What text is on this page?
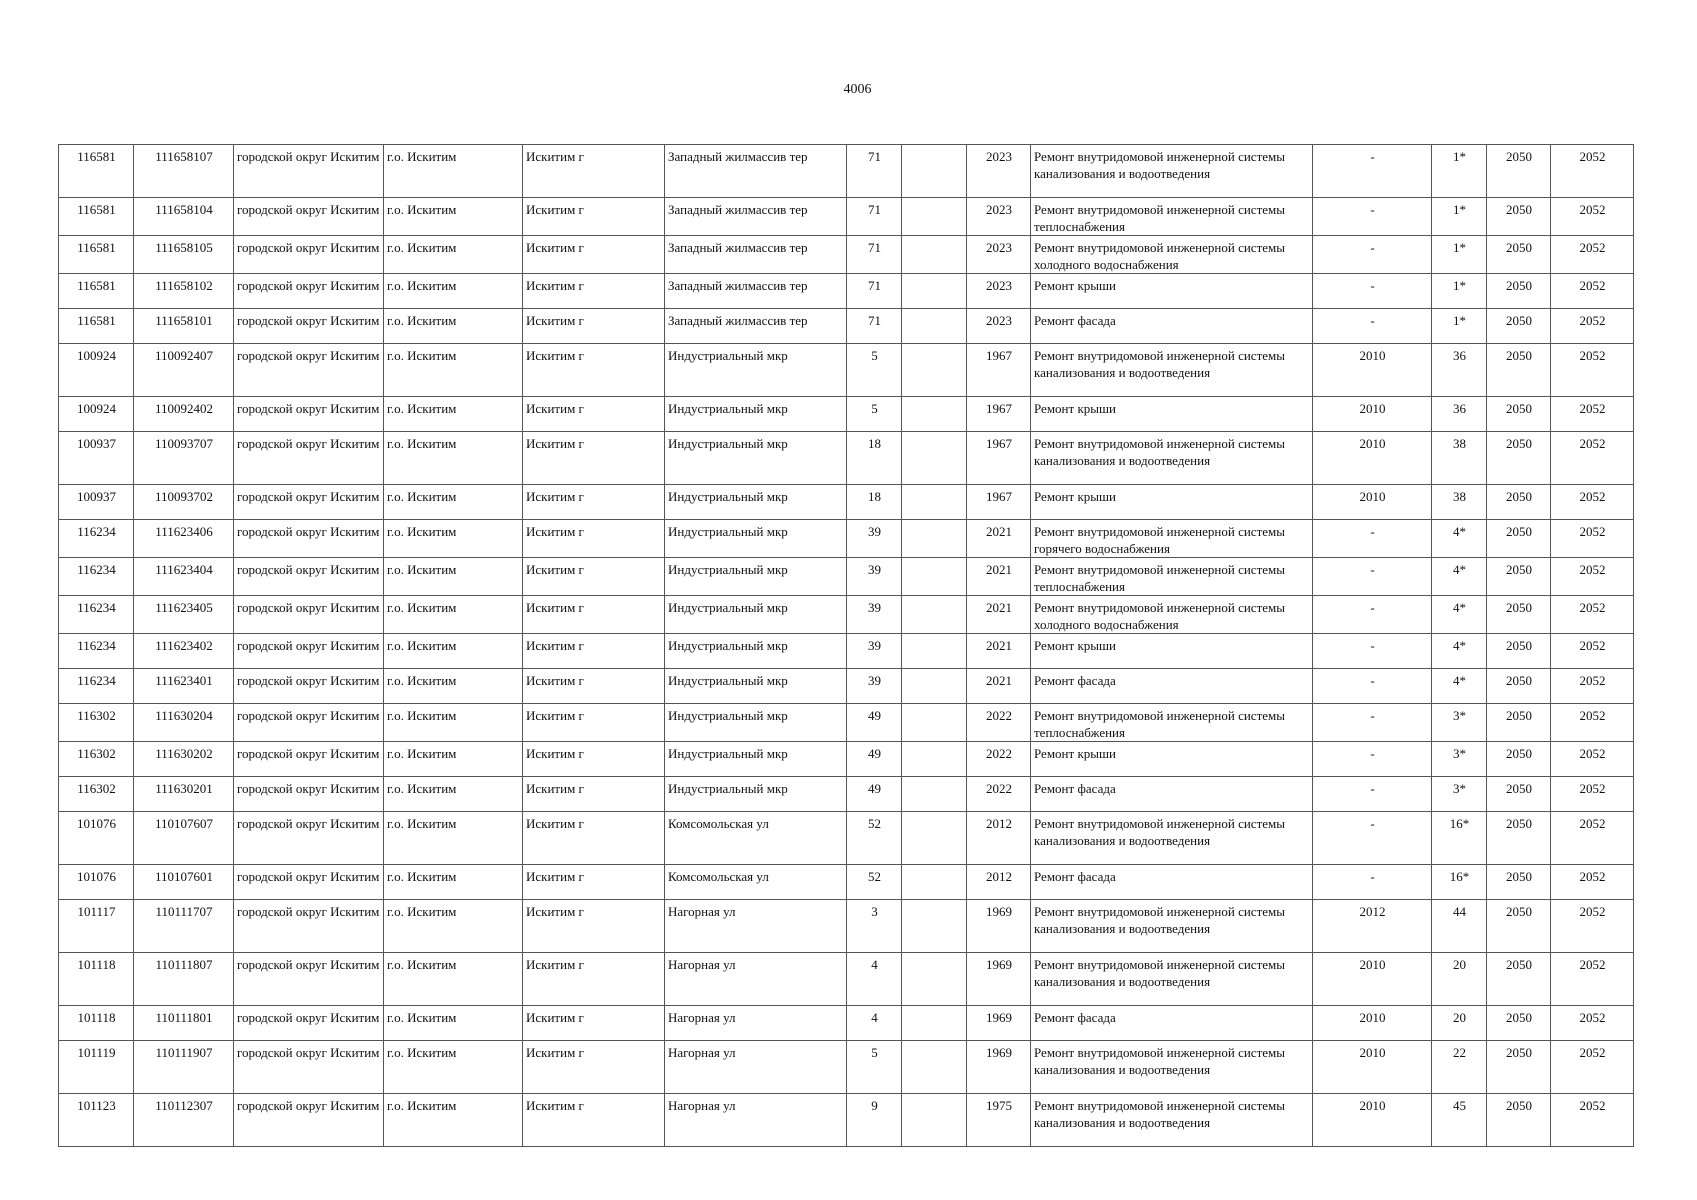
4006
116581	111658107	городской округ Искитим	г.о. Искитим	Искитим г	Западный жилмассив тер	71		2023	Ремонт внутридомовой инженерной системы канализования и водоотведения	-	1*	2050	2052
116581	111658104	городской округ Искитим	г.о. Искитим	Искитим г	Западный жилмассив тер	71		2023	Ремонт внутридомовой инженерной системы теплоснабжения	-	1*	2050	2052
116581	111658105	городской округ Искитим	г.о. Искитим	Искитим г	Западный жилмассив тер	71		2023	Ремонт внутридомовой инженерной системы холодного водоснабжения	-	1*	2050	2052
116581	111658102	городской округ Искитим	г.о. Искитим	Искитим г	Западный жилмассив тер	71		2023	Ремонт крыши	-	1*	2050	2052
116581	111658101	городской округ Искитим	г.о. Искитим	Искитим г	Западный жилмассив тер	71		2023	Ремонт фасада	-	1*	2050	2052
100924	110092407	городской округ Искитим	г.о. Искитим	Искитим г	Индустриальный мкр	5		1967	Ремонт внутридомовой инженерной системы канализования и водоотведения	2010	36	2050	2052
100924	110092402	городской округ Искитим	г.о. Искитим	Искитим г	Индустриальный мкр	5		1967	Ремонт крыши	2010	36	2050	2052
100937	110093707	городской округ Искитим	г.о. Искитим	Искитим г	Индустриальный мкр	18		1967	Ремонт внутридомовой инженерной системы канализования и водоотведения	2010	38	2050	2052
100937	110093702	городской округ Искитим	г.о. Искитим	Искитим г	Индустриальный мкр	18		1967	Ремонт крыши	2010	38	2050	2052
116234	111623406	городской округ Искитим	г.о. Искитим	Искитим г	Индустриальный мкр	39		2021	Ремонт внутридомовой инженерной системы горячего водоснабжения	-	4*	2050	2052
116234	111623404	городской округ Искитим	г.о. Искитим	Искитим г	Индустриальный мкр	39		2021	Ремонт внутридомовой инженерной системы теплоснабжения	-	4*	2050	2052
116234	111623405	городской округ Искитим	г.о. Искитим	Искитим г	Индустриальный мкр	39		2021	Ремонт внутридомовой инженерной системы холодного водоснабжения	-	4*	2050	2052
116234	111623402	городской округ Искитим	г.о. Искитим	Искитим г	Индустриальный мкр	39		2021	Ремонт крыши	-	4*	2050	2052
116234	111623401	городской округ Искитим	г.о. Искитим	Искитим г	Индустриальный мкр	39		2021	Ремонт фасада	-	4*	2050	2052
116302	111630204	городской округ Искитим	г.о. Искитим	Искитим г	Индустриальный мкр	49		2022	Ремонт внутридомовой инженерной системы теплоснабжения	-	3*	2050	2052
116302	111630202	городской округ Искитим	г.о. Искитим	Искитим г	Индустриальный мкр	49		2022	Ремонт крыши	-	3*	2050	2052
116302	111630201	городской округ Искитим	г.о. Искитим	Искитим г	Индустриальный мкр	49		2022	Ремонт фасада	-	3*	2050	2052
101076	110107607	городской округ Искитим	г.о. Искитим	Искитим г	Комсомольская ул	52		2012	Ремонт внутридомовой инженерной системы канализования и водоотведения	-	16*	2050	2052
101076	110107601	городской округ Искитим	г.о. Искитим	Искитим г	Комсомольская ул	52		2012	Ремонт фасада	-	16*	2050	2052
101117	110111707	городской округ Искитим	г.о. Искитим	Искитим г	Нагорная ул	3		1969	Ремонт внутридомовой инженерной системы канализования и водоотведения	2012	44	2050	2052
101118	110111807	городской округ Искитим	г.о. Искитим	Искитим г	Нагорная ул	4		1969	Ремонт внутридомовой инженерной системы канализования и водоотведения	2010	20	2050	2052
101118	110111801	городской округ Искитим	г.о. Искитим	Искитим г	Нагорная ул	4		1969	Ремонт фасада	2010	20	2050	2052
101119	110111907	городской округ Искитим	г.о. Искитим	Искитим г	Нагорная ул	5		1969	Ремонт внутридомовой инженерной системы канализования и водоотведения	2010	22	2050	2052
101123	110112307	городской округ Искитим	г.о. Искитим	Искитим г	Нагорная ул	9		1975	Ремонт внутридомовой инженерной системы канализования и водоотведения	2010	45	2050	2052
